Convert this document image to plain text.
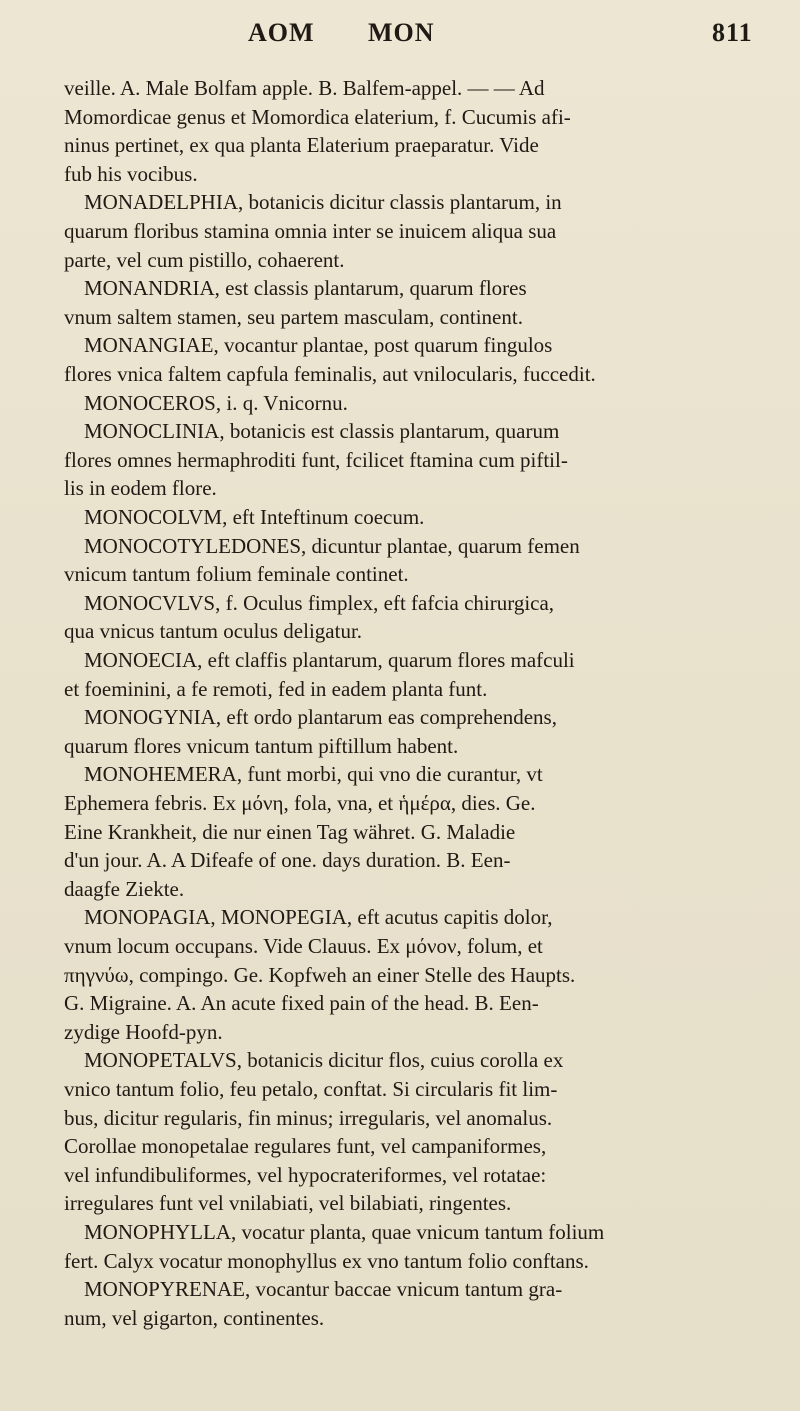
AOM MON	811
veille. A. Male Bolfam apple. B. Balfem-appel. — — Ad
Momordicae genus et Momordica elaterium, f. Cucumis afi-
ninus pertinet, ex qua planta Elaterium praeparatur. Vide
fub his vocibus.
MONADELPHIA, botanicis dicitur classis plantarum, in
quarum floribus stamina omnia inter se inuicem aliqua sua
parte, vel cum pistillo, cohaerent.
MONANDRIA, est classis plantarum, quarum flores
vnum saltem stamen, seu partem masculam, continent.
MONANGIAE, vocantur plantae, post quarum fingulos
flores vnica faltem capfula feminalis, aut vnilocularis, fuccedit.
MONOCEROS, i. q. Vnicornu.
MONOCLINIA, botanicis est classis plantarum, quarum
flores omnes hermaphroditi funt, fcilicet ftamina cum piftil-
lis in eodem flore.
MONOCOLVM, eft Inteftinum coecum.
MONOCOTYLEDONES, dicuntur plantae, quarum femen
vnicum tantum folium feminale continet.
MONOCVLVS, f. Oculus fimplex, eft fafcia chirurgica,
qua vnicus tantum oculus deligatur.
MONOECIA, eft claffis plantarum, quarum flores mafculi
et foeminini, a fe remoti, fed in eadem planta funt.
MONOGYNIA, eft ordo plantarum eas comprehendens,
quarum flores vnicum tantum piftillum habent.
MONOHEMERA, funt morbi, qui vno die curantur, vt
Ephemera febris. Ex μόνη, fola, vna, et ἡμέρα, dies. Ge.
Eine Krankheit, die nur einen Tag währet. G. Maladie
d'un jour. A. A Difeafe of one. days duration. B. Een-
daagfe Ziekte.
MONOPAGIA, MONOPEGIA, eft acutus capitis dolor,
vnum locum occupans. Vide Clauus. Ex μόνον, folum, et
πηγνύω, compingo. Ge. Kopfweh an einer Stelle des Haupts.
G. Migraine. A. An acute fixed pain of the head. B. Een-
zydige Hoofd-pyn.
MONOPETALVS, botanicis dicitur flos, cuius corolla ex
vnico tantum folio, feu petalo, conftat. Si circularis fit lim-
bus, dicitur regularis, fin minus; irregularis, vel anomalus.
Corollae monopetalae regulares funt, vel campaniformes,
vel infundibuliformes, vel hypocrateriformes, vel rotatae:
irregulares funt vel vnilabiati, vel bilabiati, ringentes.
MONOPHYLLA, vocatur planta, quae vnicum tantum folium
fert. Calyx vocatur monophyllus ex vno tantum folio conftans.
MONOPYRENAE, vocantur baccae vnicum tantum gra-
num, vel gigarton, continentes.
